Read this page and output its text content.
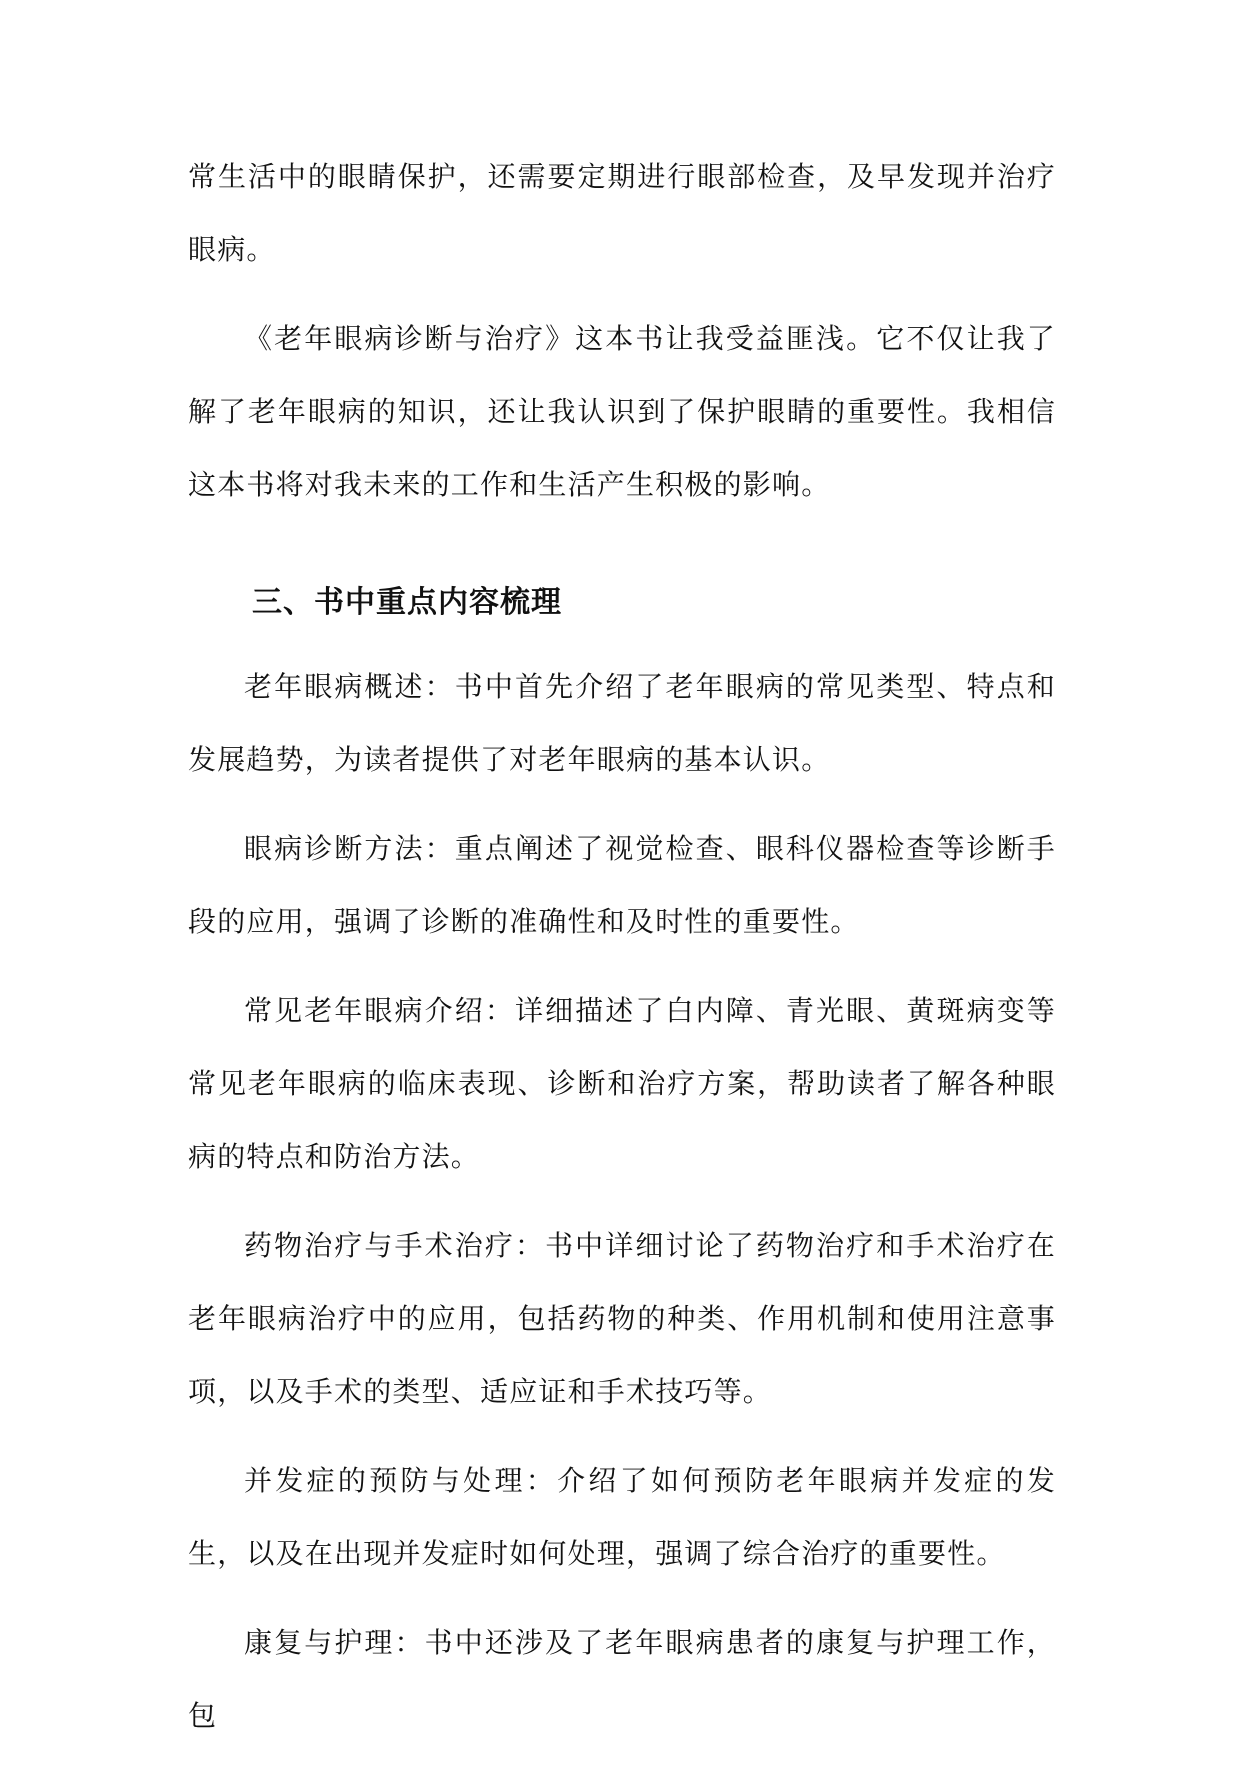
常生活中的眼睛保护，还需要定期进行眼部检查，及早发现并治疗眼病。

《老年眼病诊断与治疗》这本书让我受益匪浅。它不仅让我了解了老年眼病的知识，还让我认识到了保护眼睛的重要性。我相信这本书将对我未来的工作和生活产生积极的影响。

三、书中重点内容梳理

老年眼病概述：书中首先介绍了老年眼病的常见类型、特点和发展趋势，为读者提供了对老年眼病的基本认识。

眼病诊断方法：重点阐述了视觉检查、眼科仪器检查等诊断手段的应用，强调了诊断的准确性和及时性的重要性。

常见老年眼病介绍：详细描述了白内障、青光眼、黄斑病变等常见老年眼病的临床表现、诊断和治疗方案，帮助读者了解各种眼病的特点和防治方法。

药物治疗与手术治疗：书中详细讨论了药物治疗和手术治疗在老年眼病治疗中的应用，包括药物的种类、作用机制和使用注意事项，以及手术的类型、适应证和手术技巧等。

并发症的预防与处理：介绍了如何预防老年眼病并发症的发生，以及在出现并发症时如何处理，强调了综合治疗的重要性。

康复与护理：书中还涉及了老年眼病患者的康复与护理工作，包
